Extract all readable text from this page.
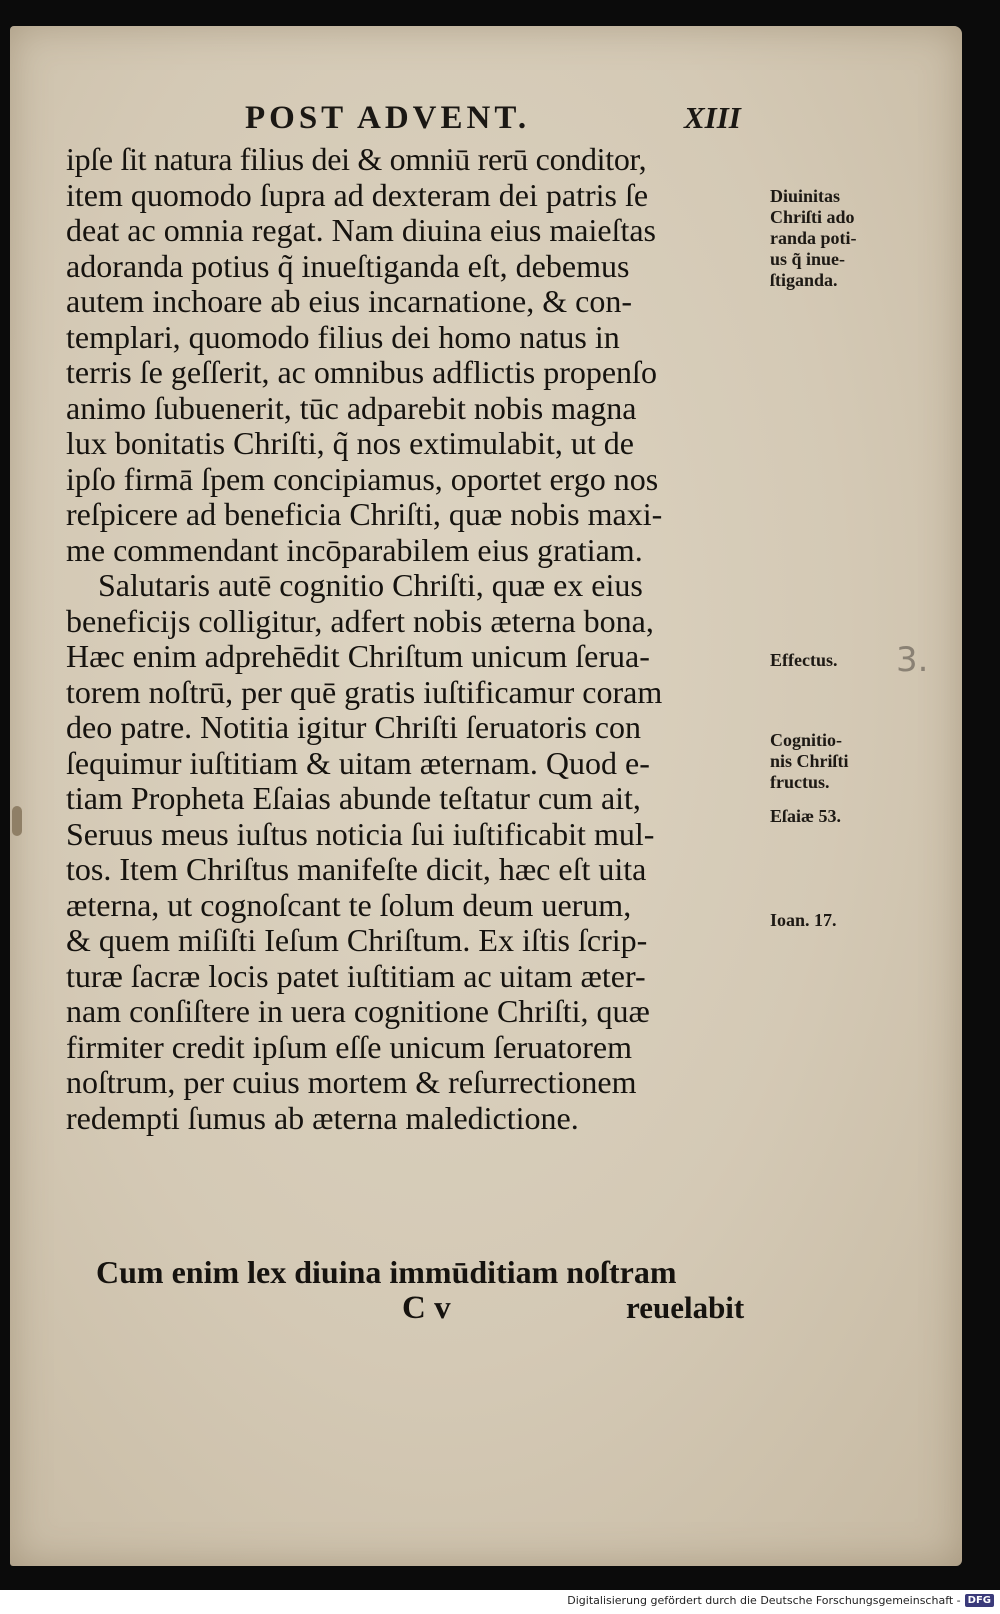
POST ADVENT.	XIII
ipſe ſit natura filius dei & omniū rerū conditor,
item quomodo ſupra ad dexteram dei patris ſe
deat ac omnia regat. Nam diuina eius maieſtas
adoranda potius q̃ inueſtiganda eſt, debemus
autem inchoare ab eius incarnatione, & con-
templari, quomodo filius dei homo natus in
terris ſe geſſerit, ac omnibus adflictis propenſo
animo ſubuenerit, tūc adparebit nobis magna
lux bonitatis Chriſti, q̃ nos extimulabit, ut de
ipſo firmā ſpem concipiamus, oportet ergo nos
reſpicere ad beneficia Chriſti, quæ nobis maxi-
me commendant incōparabilem eius gratiam.
Salutaris autē cognitio Chriſti, quæ ex eius
beneficijs colligitur, adfert nobis æterna bona,
Hæc enim adprehēdit Chriſtum unicum ſerua-
torem noſtrū, per quē gratis iuſtificamur coram
deo patre. Notitia igitur Chriſti ſeruatoris con
ſequimur iuſtitiam & uitam æternam. Quod e-
tiam Propheta Eſaias abunde teſtatur cum ait,
Seruus meus iuſtus noticia ſui iuſtificabit mul-
tos. Item Chriſtus manifeſte dicit, hæc eſt uita
æterna, ut cognoſcant te ſolum deum uerum,
& quem miſiſti Ieſum Chriſtum. Ex iſtis ſcrip-
turæ ſacræ locis patet iuſtitiam ac uitam æter-
nam conſiſtere in uera cognitione Chriſti, quæ
firmiter credit ipſum eſſe unicum ſeruatorem
noſtrum, per cuius mortem & reſurrectionem
redempti ſumus ab æterna maledictione.
Cum enim lex diuina immūditiam noſtram
C v	reuelabit
Diuinitas
Chriſti ado
randa poti-
us q̃ inue-
ſtiganda.
Effectus.
Cognitio-
nis Chriſti
fructus.
Eſaiæ 53.
Ioan. 17.
3.
Digitalisierung gefördert durch die Deutsche Forschungsgemeinschaft - DFG
